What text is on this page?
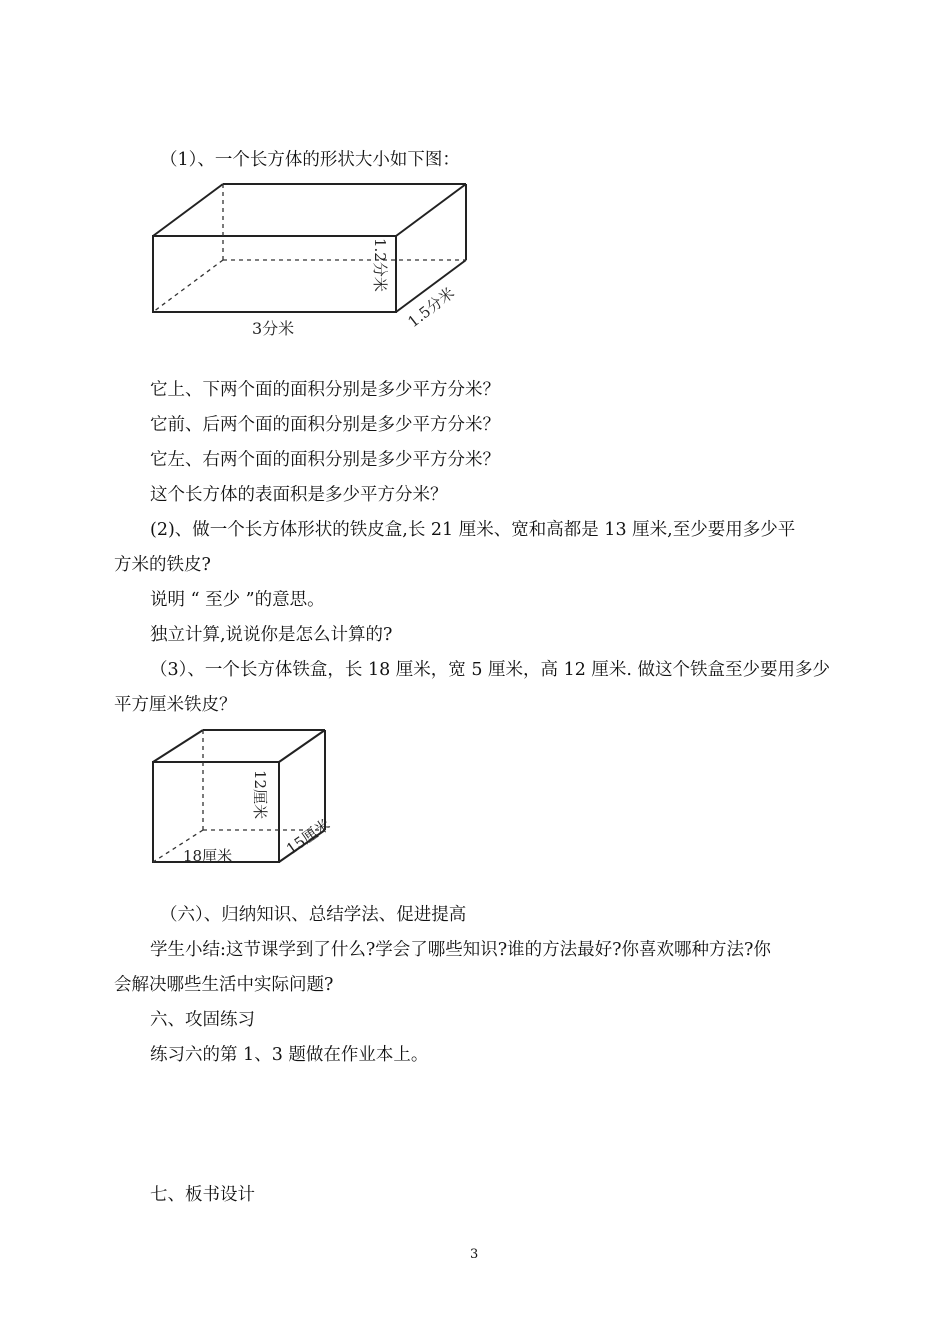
（1）、一个长方体的形状大小如下图：
3分米
1.2分米
1.5分米
它上、下两个面的面积分别是多少平方分米？
它前、后两个面的面积分别是多少平方分米？
它左、右两个面的面积分别是多少平方分米？
这个长方体的表面积是多少平方分米？
(2)、做一个长方体形状的铁皮盒,长 21 厘米、宽和高都是 13 厘米,至少要用多少平
方米的铁皮?
说明 “ 至少 ”的意思。
独立计算,说说你是怎么计算的?
（3）、一个长方体铁盒，长 18 厘米，宽 5 厘米，高 12 厘米. 做这个铁盒至少要用多少
平方厘米铁皮？
18厘米
12厘米
15厘米
（六）、归纳知识、总结学法、促进提高
学生小结:这节课学到了什么?学会了哪些知识?谁的方法最好?你喜欢哪种方法?你
会解决哪些生活中实际问题?
六、攻固练习
练习六的第 1、3 题做在作业本上。
七、板书设计
3
